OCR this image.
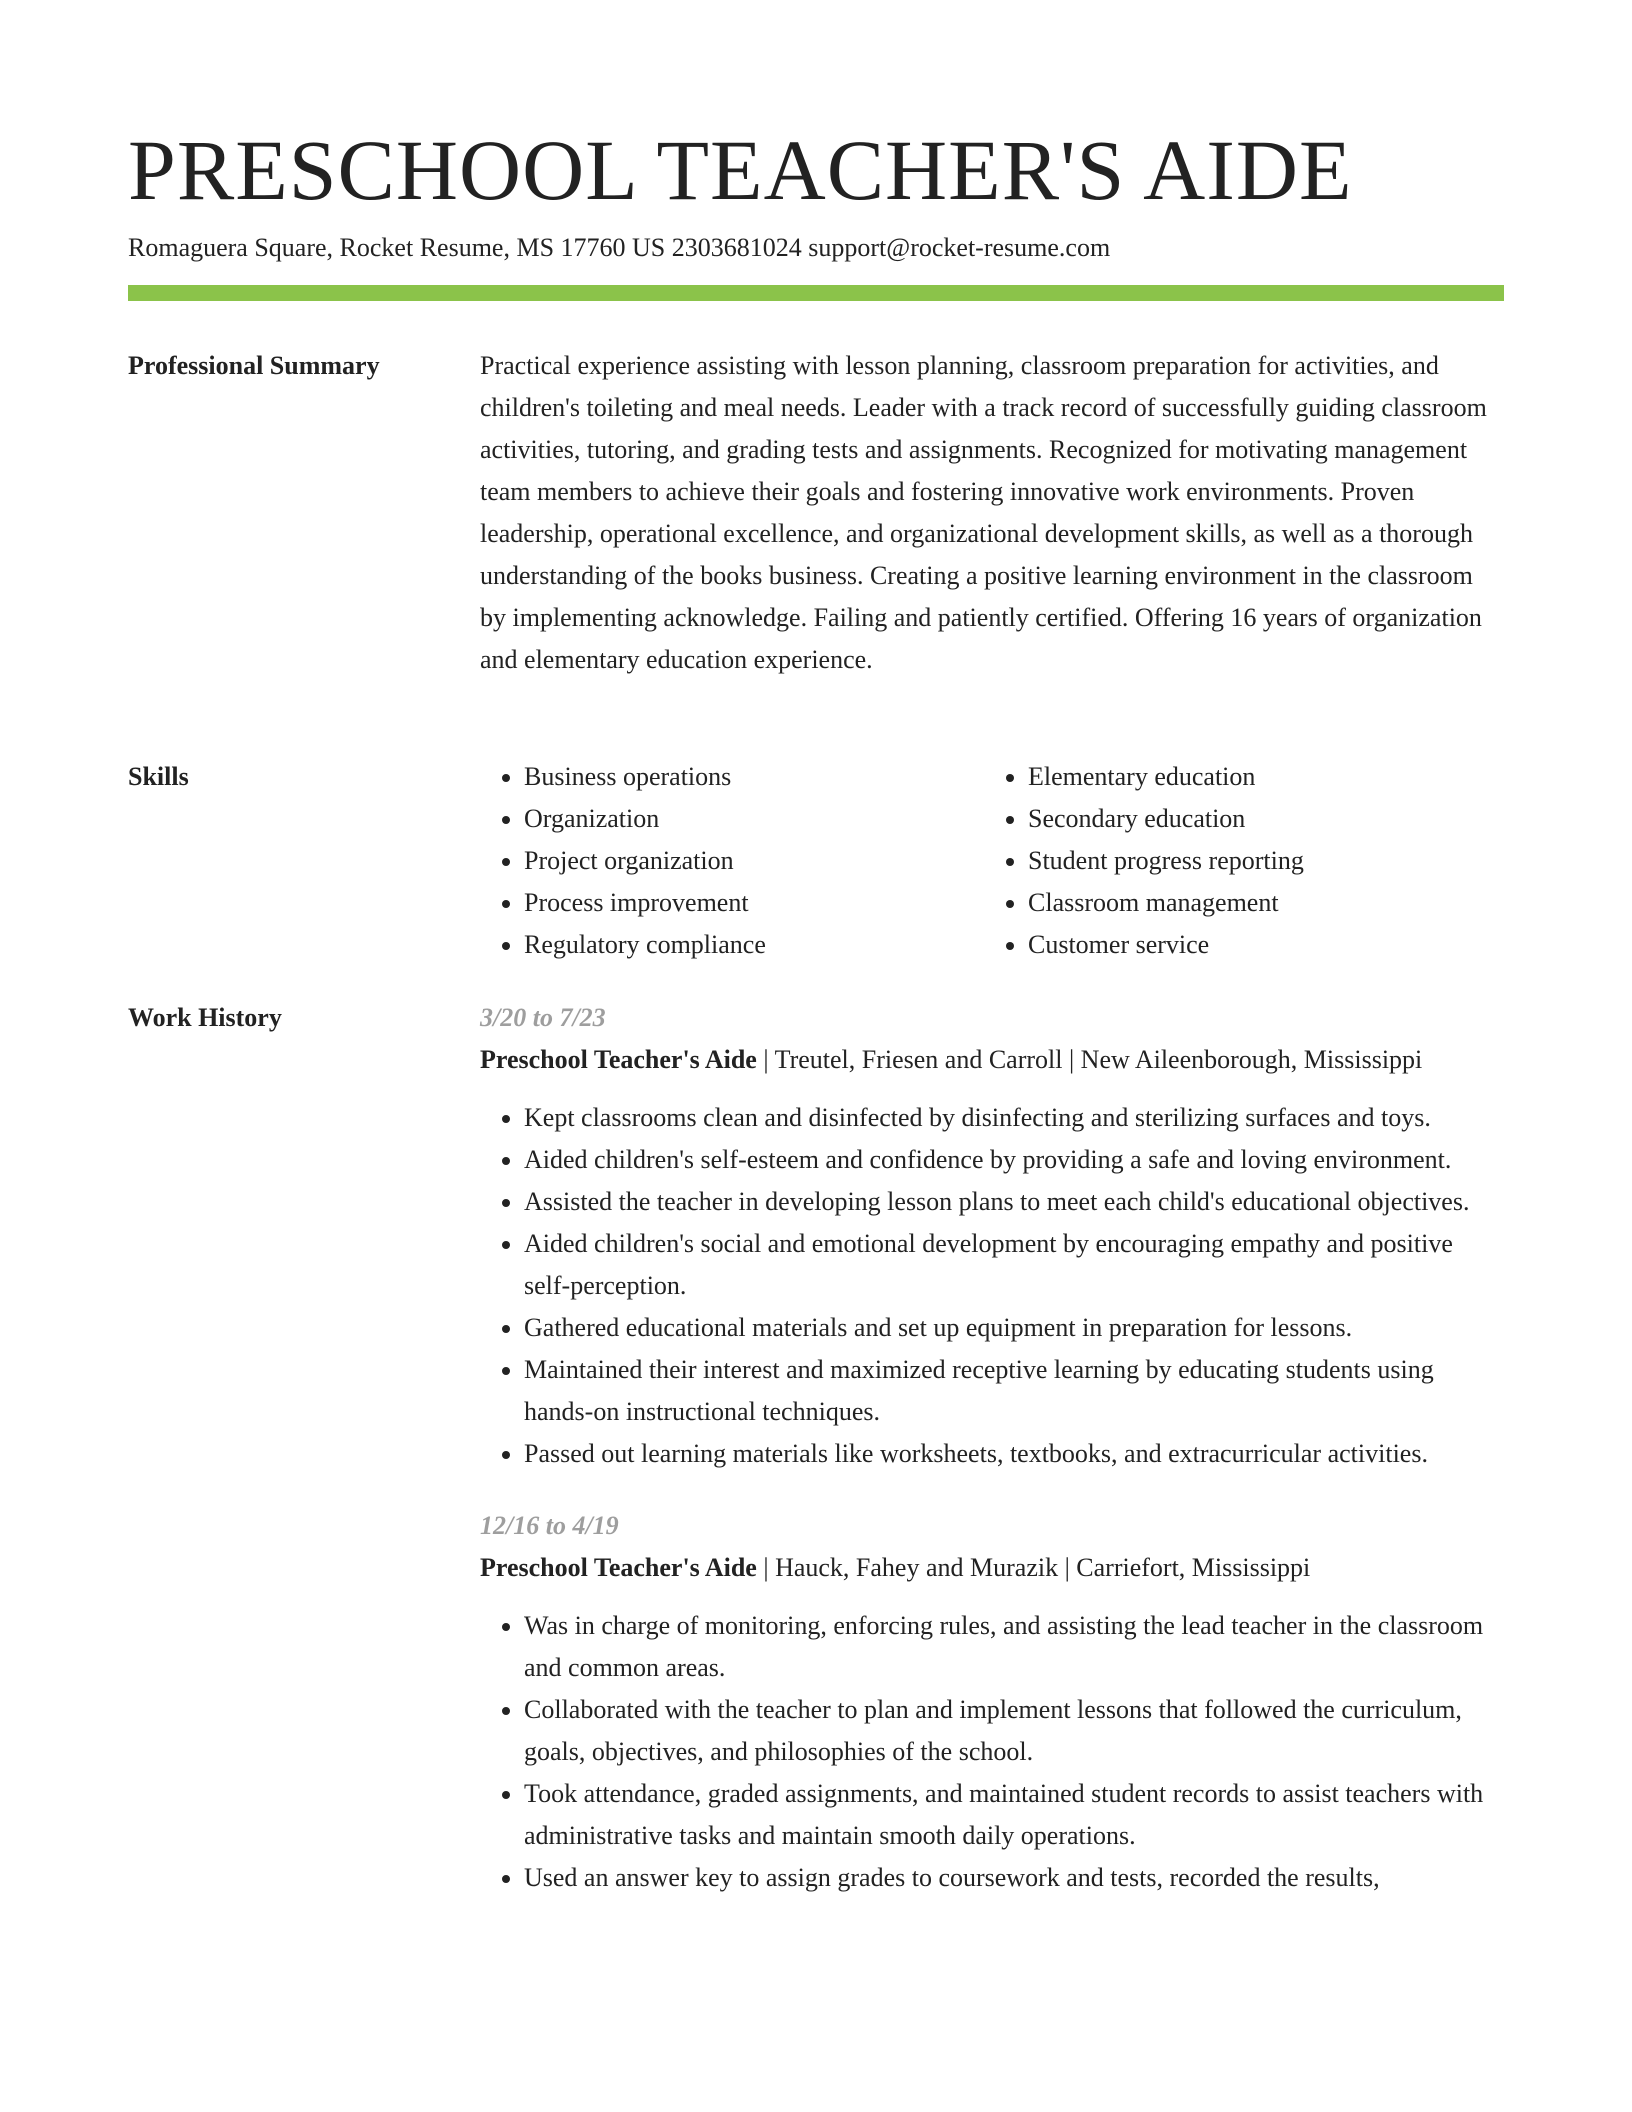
PRESCHOOL TEACHER'S AIDE
Romaguera Square, Rocket Resume, MS 17760 US 2303681024 support@rocket-resume.com
Professional Summary	Practical experience assisting with lesson planning, classroom preparation for activities, and children's toileting and meal needs. Leader with a track record of successfully guiding classroom activities, tutoring, and grading tests and assignments. Recognized for motivating management team members to achieve their goals and fostering innovative work environments. Proven leadership, operational excellence, and organizational development skills, as well as a thorough understanding of the books business. Creating a positive learning environment in the classroom by implementing acknowledge. Failing and patiently certified. Offering 16 years of organization and elementary education experience.

Skills
•	Business operations
• Organization
• Project organization
• Process improvement
• Regulatory compliance
• Elementary education
• Secondary education
• Student progress reporting
• Classroom management
• Customer service
Work History	3/20 to 7/23
Preschool Teacher's Aide | Treutel, Friesen and Carroll | New Aileenborough, Mississippi
• Kept classrooms clean and disinfected by disinfecting and sterilizing surfaces and toys.
• Aided children's self-esteem and confidence by providing a safe and loving environment.
• Assisted the teacher in developing lesson plans to meet each child's educational objectives.
• Aided children's social and emotional development by encouraging empathy and positive self-perception.
• Gathered educational materials and set up equipment in preparation for lessons.
• Maintained their interest and maximized receptive learning by educating students using hands-on instructional techniques.
• Passed out learning materials like worksheets, textbooks, and extracurricular activities.
12/16 to 4/19
Preschool Teacher's Aide | Hauck, Fahey and Murazik | Carriefort, Mississippi
• Was in charge of monitoring, enforcing rules, and assisting the lead teacher in the classroom and common areas.
• Collaborated with the teacher to plan and implement lessons that followed the curriculum, goals, objectives, and philosophies of the school.
• Took attendance, graded assignments, and maintained student records to assist teachers with administrative tasks and maintain smooth daily operations.
• Used an answer key to assign grades to coursework and tests, recorded the results,
